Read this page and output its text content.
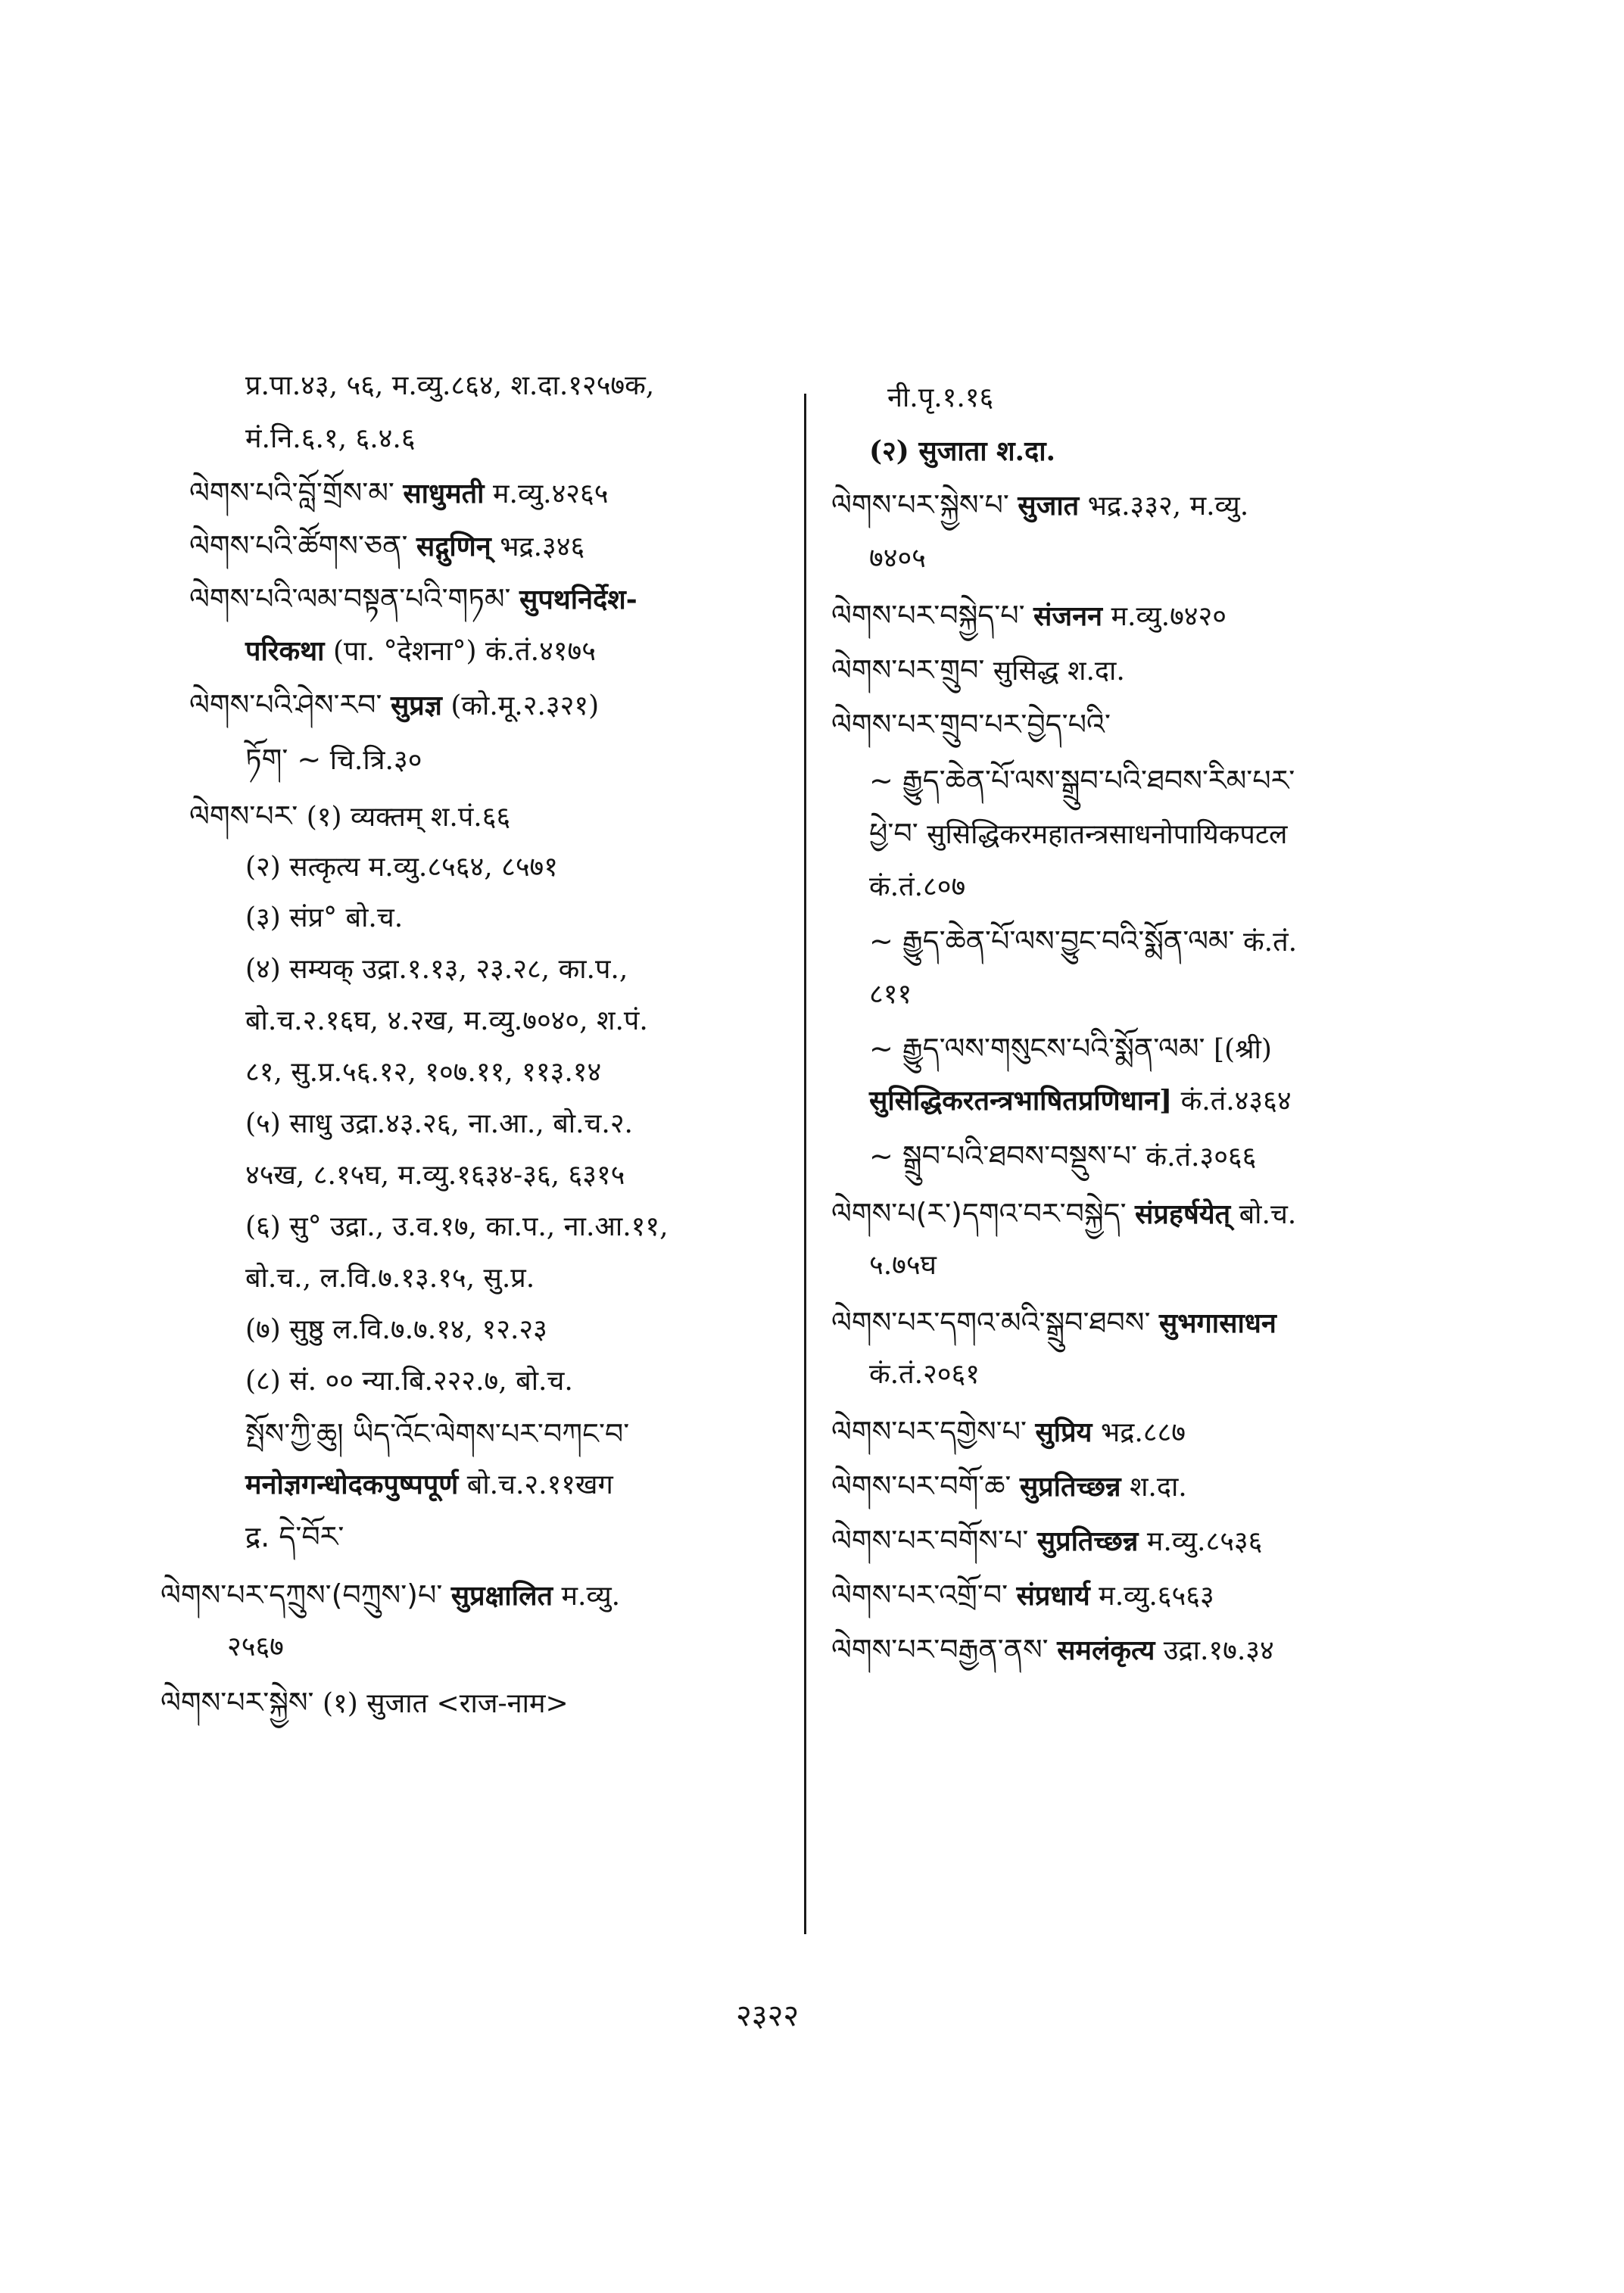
प्र.पा.४३, ५६, म.व्यु.८६४, श.दा.१२५७क,
मं.नि.६.१, ६.४.६
ལེགས་པའི་བློ་གྲོས་མ་ साधुमती म.व्यु.४२६५
ལེགས་པའི་ཚོགས་ཅན་ सद्गुणिन् भद्र.३४६
ལེགས་པའི་ལམ་བསྟན་པའི་གཏམ་ सुपथनिर्देश-
परिकथा (पा. °देशना°) कं.तं.४१७५
ལེགས་པའི་ཤེས་རབ་ सुप्रज्ञ (को.मू.२.३२१)
ཏོག་ ~ चि.त्रि.३०
ལེགས་པར་ (१) व्यक्तम् श.पं.६६
(२) सत्कृत्य म.व्यु.८५६४, ८५७१
(३) संप्र° बो.च.
(४) सम्यक् उद्रा.१.१३, २३.२८, का.प.,
बो.च.२.१६घ, ४.२ख, म.व्यु.७०४०, श.पं.
८१, सु.प्र.५६.१२, १०७.११, ११३.१४
(५) साधु उद्रा.४३.२६, ना.आ., बो.च.२.
४५ख, ८.१५घ, म.व्यु.१६३४-३६, ६३१५
(६) सु° उद्रा., उ.व.१७, का.प., ना.आ.११,
बो.च., ल.वि.७.१३.१५, सु.प्र.
(७) सुष्ठु ल.वि.७.७.१४, १२.२३
(८) सं. ०० न्या.बि.२२२.७, बो.च.
སྤོས་ཀྱི་ཆུ། ཡིད་འོང་ལེགས་པར་བཀང་བ་
मनोज्ञगन्धोदकपुष्पपूर्ण बो.च.२.११खग
द्र. དེ་བོར་
ལེགས་པར་དཀྲུས་(བཀྲུས་)པ་ सुप्रक्षालित म.व्यु.
२५६७
ལེགས་པར་སྐྱེས་ (१) सुजात <राज-नाम>
नी.पृ.१.१६
(२) सुजाता श.दा.
ལེགས་པར་སྐྱེས་པ་ सुजात भद्र.३३२, म.व्यु.
७४०५
ལེགས་པར་བསྐྱེད་པ་ संजनन म.व्यु.७४२०
ལེགས་པར་གྲུབ་ सुसिद्ध श.दा.
ལེགས་པར་གྲུབ་པར་བྱེད་པའི་
~ རྒྱུད་ཆེན་པོ་ལས་སྒྲུབ་པའི་ཐབས་རིམ་པར་
ཕྱེ་བ་ सुसिद्धिकरमहातन्त्रसाधनोपायिकपटल
कं.तं.८०७
~ རྒྱུད་ཆེན་པོ་ལས་བྱུང་བའི་སྨོན་ལམ་ कं.तं.
८११
~ རྒྱུད་ལས་གསུངས་པའི་སྨོན་ལམ་ [(श्री)
सुसिद्धिकरतन्त्रभाषितप्रणिधान] कं.तं.४३६४
~ སྒྲུབ་པའི་ཐབས་བསྡུས་པ་ कं.तं.३०६६
ལེགས་པ(ར་)དགའ་བར་བསྐྱེད་ संप्रहर्षयेत् बो.च.
५.७५घ
ལེགས་པར་དགའ་མའི་སྒྲུབ་ཐབས་ सुभगासाधन
कं.तं.२०६१
ལེགས་པར་དགྱེས་པ་ सुप्रिय भद्र.८८७
ལེགས་པར་བགོ་ཆ་ सुप्रतिच्छन्न श.दा.
ལེགས་པར་བགོས་པ་ सुप्रतिच्छन्न म.व्यु.८५३६
ལེགས་པར་འགྲོ་བ་ संप्रधार्य म.व्यु.६५६३
ལེགས་པར་བརྒྱན་ནས་ समलंकृत्य उद्रा.१७.३४
२३२२
